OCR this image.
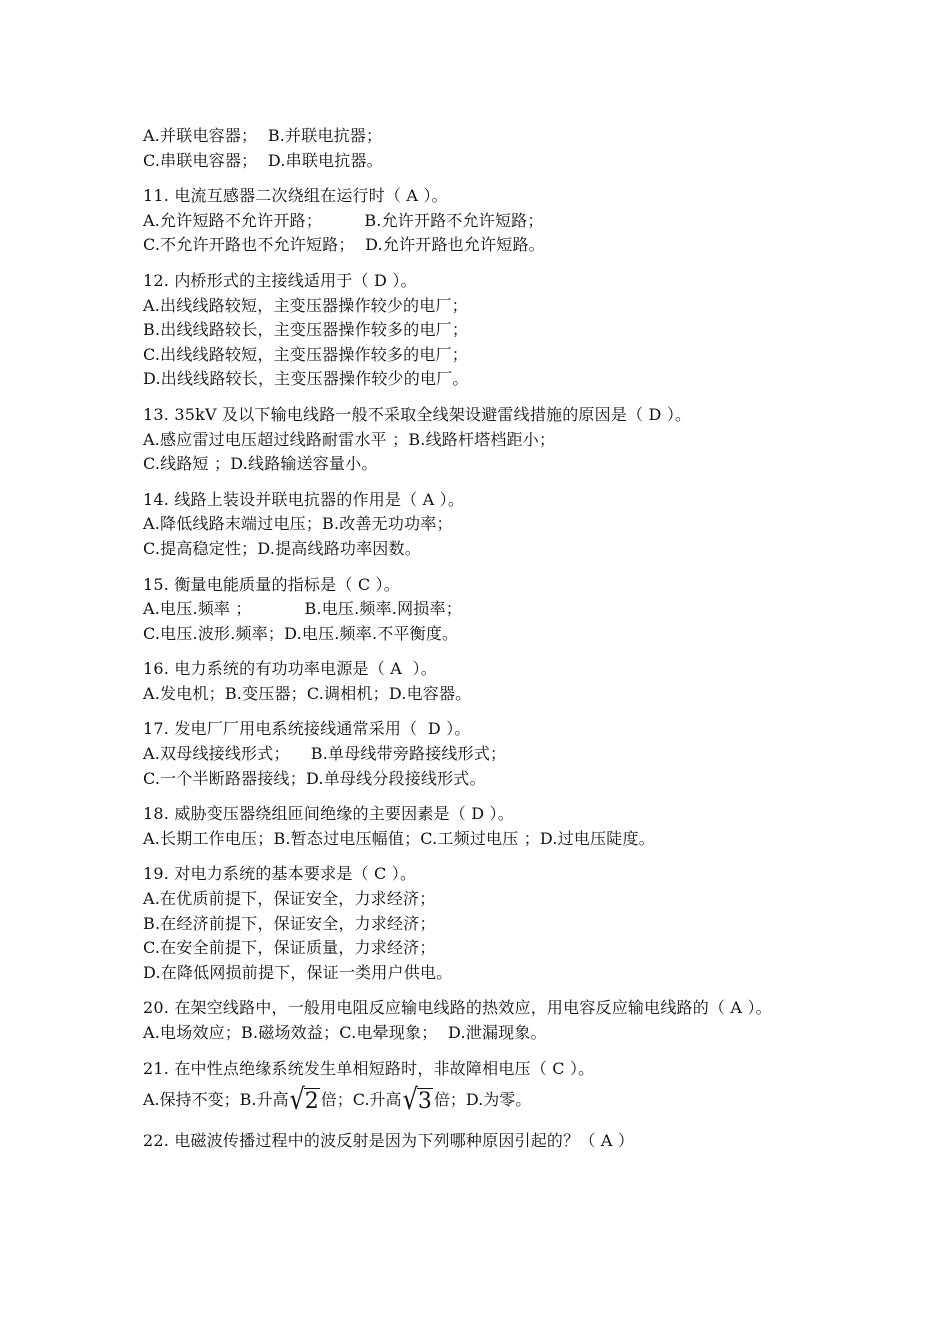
A.并联电容器；  B.并联电抗器；
C.串联电容器；  D.串联电抗器。
11. 电流互感器二次绕组在运行时（ A ）。
A.允许短路不允许开路；        B.允许开路不允许短路；
C.不允许开路也不允许短路；  D.允许开路也允许短路。
12. 内桥形式的主接线适用于（ D ）。
A.出线线路较短，主变压器操作较少的电厂；
B.出线线路较长，主变压器操作较多的电厂；
C.出线线路较短，主变压器操作较多的电厂；
D.出线线路较长，主变压器操作较少的电厂。
13. 35kV 及以下输电线路一般不采取全线架设避雷线措施的原因是（ D ）。
A.感应雷过电压超过线路耐雷水平 ；B.线路杆塔档距小；
C.线路短 ；D.线路输送容量小。
14. 线路上装设并联电抗器的作用是（ A ）。
A.降低线路末端过电压；B.改善无功功率；
C.提高稳定性；D.提高线路功率因数。
15. 衡量电能质量的指标是（ C ）。
A.电压.频率 ；          B.电压.频率.网损率；
C.电压.波形.频率；D.电压.频率.不平衡度。
16. 电力系统的有功功率电源是（ A  ）。
A.发电机；B.变压器；C.调相机；D.电容器。
17. 发电厂厂用电系统接线通常采用（  D ）。
A.双母线接线形式；    B.单母线带旁路接线形式；
C.一个半断路器接线；D.单母线分段接线形式。
18. 威胁变压器绕组匝间绝缘的主要因素是（ D ）。
A.长期工作电压；B.暂态过电压幅值；C.工频过电压 ；D.过电压陡度。
19. 对电力系统的基本要求是（ C ）。
A.在优质前提下，保证安全，力求经济；
B.在经济前提下，保证安全，力求经济；
C.在安全前提下，保证质量，力求经济；
D.在降低网损前提下，保证一类用户供电。
20. 在架空线路中，一般用电阻反应输电线路的热效应，用电容反应输电线路的（ A ）。
A.电场效应；B.磁场效益；C.电晕现象；  D.泄漏现象。
21. 在中性点绝缘系统发生单相短路时，非故障相电压（ C ）。
A.保持不变；B.升高 √ 2 倍；C.升高 √ 3 倍；D.为零。
22. 电磁波传播过程中的波反射是因为下列哪种原因引起的？（ A ）
